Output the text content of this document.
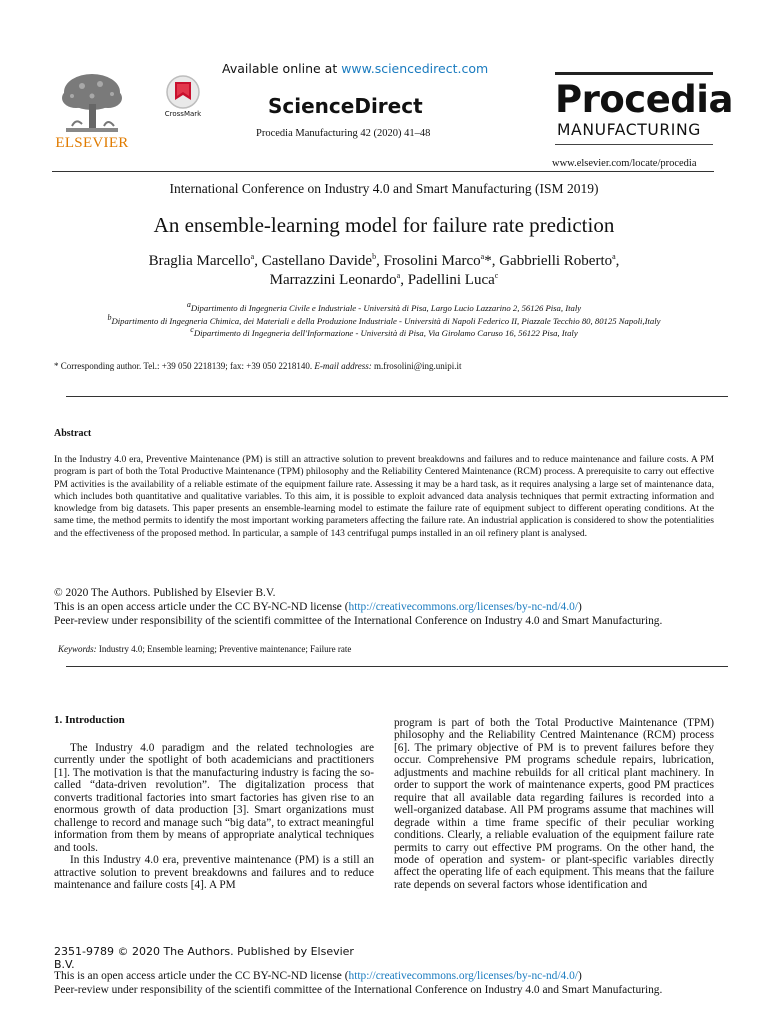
ELSEVIER
Available online at www.sciencedirect.com
CrossMark	ScienceDirect
Procedia Manufacturing 42 (2020) 41–48
Procedia
MANUFACTURING
www.elsevier.com/locate/procedia
International Conference on Industry 4.0 and Smart Manufacturing (ISM 2019)
An ensemble-learning model for failure rate prediction
Braglia Marcello$^a$, Castellano Davide$^b$, Frosolini Marco$^a$*, Gabbrielli Roberto$^a$,
Marrazzini Leonardo$^a$, Padellini Luca$^c$
$^a$Dipartimento di Ingegneria Civile e Industriale - Università di Pisa, Largo Lucio Lazzarino 2, 56126 Pisa, Italy
$^b$Dipartimento di Ingegneria Chimica, dei Materiali e della Produzione Industriale - Università di Napoli Federico II, Piazzale Tecchio 80, 80125 Napoli,Italy
$^c$Dipartimento di Ingegneria dell'Informazione - Università di Pisa, Via Girolamo Caruso 16, 56122 Pisa, Italy
* Corresponding author. Tel.: +39 050 2218139; fax: +39 050 2218140. E-mail address: m.frosolini@ing.unipi.it
Abstract
In the Industry 4.0 era, Preventive Maintenance (PM) is still an attractive solution to prevent breakdowns and failures and to reduce maintenance and failure costs. A PM program is part of both the Total Productive Maintenance (TPM) philosophy and the Reliability Centered Maintenance (RCM) process. A prerequisite to carry out effective PM activities is the availability of a reliable estimate of the equipment failure rate. Assessing it may be a hard task, as it requires analysing a large set of maintenance data, which includes both quantitative and qualitative variables. To this aim, it is possible to exploit advanced data analysis techniques that permit extracting information and knowledge from big datasets. This paper presents an ensemble-learning model to estimate the failure rate of equipment subject to different operating conditions. At the same time, the method permits to identify the most important working parameters affecting the failure rate. An industrial application is considered to show the potentialities and the effectiveness of the proposed method. In particular, a sample of 143 centrifugal pumps installed in an oil refinery plant is analysed.
© 2020 The Authors. Published by Elsevier B.V.
This is an open access article under the CC BY-NC-ND license (http://creativecommons.org/licenses/by-nc-nd/4.0/)
Peer-review under responsibility of the scientifi committee of the International Conference on Industry 4.0 and Smart Manufacturing.
Keywords: Industry 4.0; Ensemble learning; Preventive maintenance; Failure rate
1. Introduction

The Industry 4.0 paradigm and the related technologies are currently under the spotlight of both academicians and practitioners [1]. The motivation is that the manufacturing industry is facing the so-called “data-driven revolution”. The digitalization process that converts traditional factories into smart factories has given rise to an enormous growth of data production [3]. Smart organizations must challenge to record and manage such “big data”, to extract meaningful information from them by means of appropriate analytical techniques and tools.

In this Industry 4.0 era, preventive maintenance (PM) is a still an attractive solution to prevent breakdowns and failures and to reduce maintenance and failure costs [4]. A PM

program is part of both the Total Productive Maintenance (TPM) philosophy and the Reliability Centred Maintenance (RCM) process [6]. The primary objective of PM is to prevent failures before they occur. Comprehensive PM programs schedule repairs, lubrication, adjustments and machine rebuilds for all critical plant machinery. In order to support the work of maintenance experts, good PM practices require that all available data regarding failures is recorded into a well-organized database. All PM programs assume that machines will degrade within a time frame specific of their peculiar working conditions. Clearly, a reliable evaluation of the equipment failure rate permits to carry out effective PM programs. On the other hand, the mode of operation and system- or plant-specific variables directly affect the operating life of each equipment. This means that the failure rate depends on several factors whose identification and

2351-9789 © 2020 The Authors. Published by Elsevier B.V.
This is an open access article under the CC BY-NC-ND license (http://creativecommons.org/licenses/by-nc-nd/4.0/)
Peer-review under responsibility of the scientifi committee of the International Conference on Industry 4.0 and Smart Manufacturing.
